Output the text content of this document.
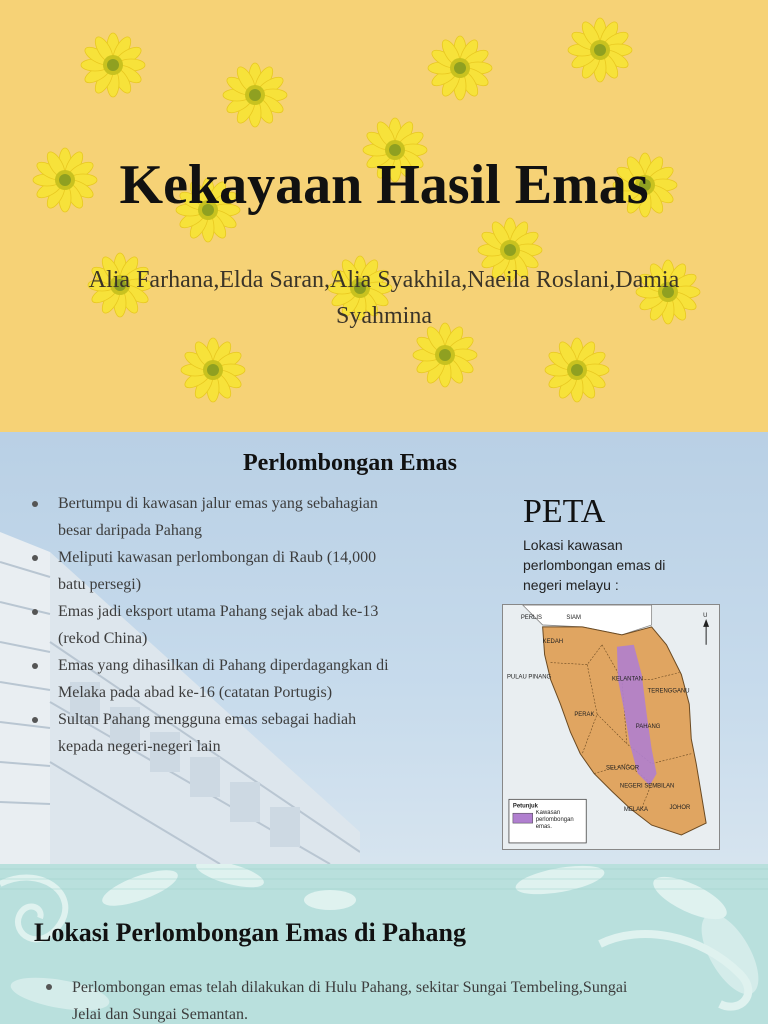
Kekayaan Hasil Emas

Alia Farhana,Elda Saran,Alia Syakhila,Naeila Roslani,Damia Syahmina

Perlombongan Emas
Bertumpu di kawasan jalur emas yang sebahagian besar daripada Pahang
Meliputi kawasan perlombongan di Raub (14,000 batu persegi)
Emas jadi eksport utama Pahang sejak abad ke-13 (rekod China)
Emas yang dihasilkan di Pahang diperdagangkan di Melaka pada abad ke-16 (catatan Portugis)
Sultan Pahang mengguna emas sebagai hadiah kepada negeri-negeri lain
PETA
Lokasi kawasan perlombongan emas di negeri melayu :
PERLIS	SIAM
KEDAH
PULAU PINANG	KELANTAN
TERENGGANU
PERAK
PAHANG
SELANGOR
NEGERI SEMBILAN
MELAKA	JOHOR
U
Petunjuk
Kawasan perlombongan emas.
Lokasi Perlombongan Emas di Pahang
Perlombongan emas telah dilakukan di Hulu Pahang, sekitar Sungai Tembeling,Sungai Jelai dan Sungai Semantan.
